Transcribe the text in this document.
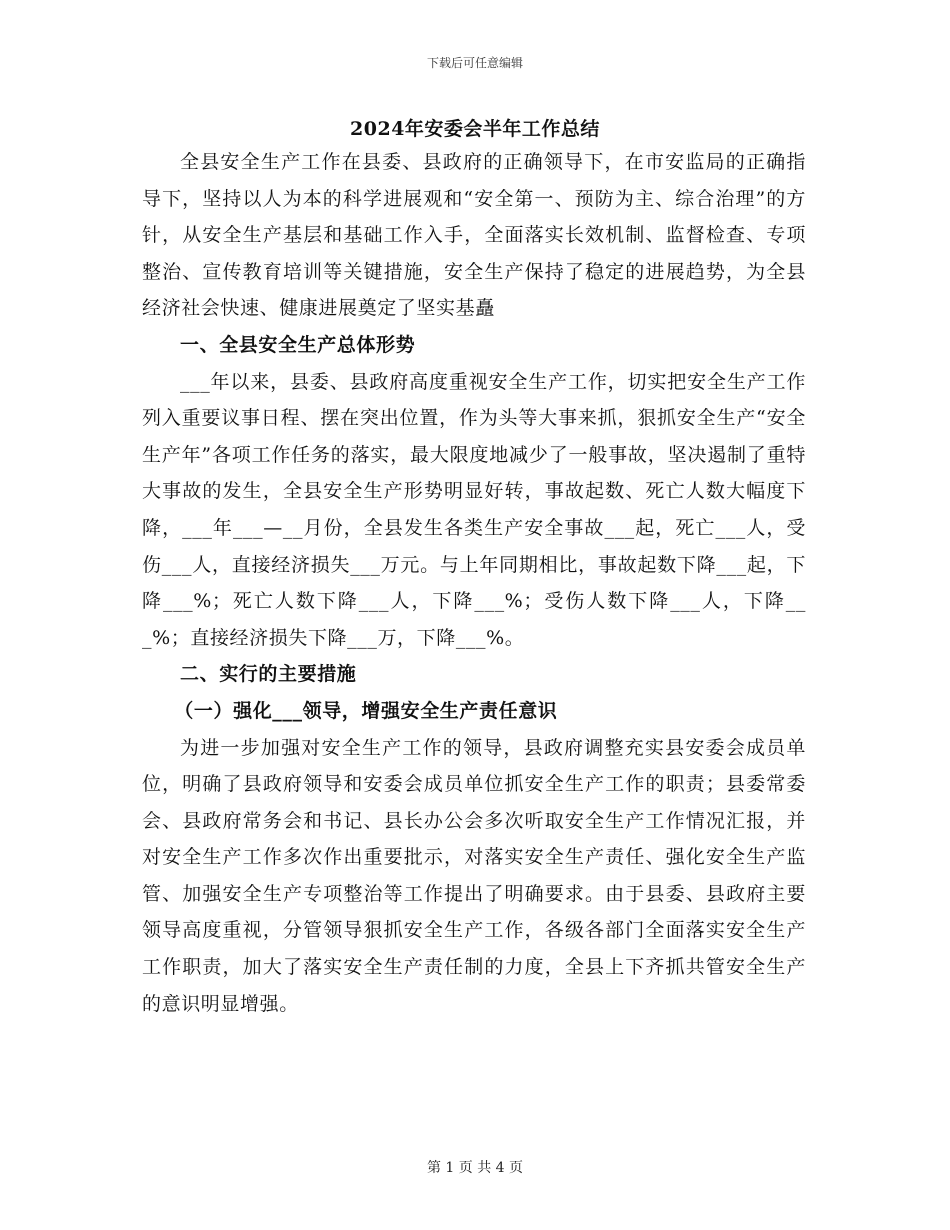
下载后可任意编辑
2024年安委会半年工作总结

全县安全生产工作在县委、县政府的正确领导下，在市安监局的正确指导下，坚持以人为本的科学进展观和“安全第一、预防为主、综合治理”的方针，从安全生产基层和基础工作入手，全面落实长效机制、监督检查、专项整治、宣传教育培训等关键措施，安全生产保持了稳定的进展趋势，为全县经济社会快速、健康进展奠定了坚实基矗

一、全县安全生产总体形势

___年以来，县委、县政府高度重视安全生产工作，切实把安全生产工作列入重要议事日程、摆在突出位置，作为头等大事来抓，狠抓安全生产“安全生产年”各项工作任务的落实，最大限度地减少了一般事故，坚决遏制了重特大事故的发生，全县安全生产形势明显好转，事故起数、死亡人数大幅度下降，___年___—__月份，全县发生各类生产安全事故___起，死亡___人，受伤___人，直接经济损失___万元。与上年同期相比，事故起数下降___起，下降___%；死亡人数下降___人，下降___%；受伤人数下降___人，下降___%；直接经济损失下降___万，下降___%。

二、实行的主要措施

（一）强化___领导，增强安全生产责任意识

为进一步加强对安全生产工作的领导，县政府调整充实县安委会成员单位，明确了县政府领导和安委会成员单位抓安全生产工作的职责；县委常委会、县政府常务会和书记、县长办公会多次听取安全生产工作情况汇报，并对安全生产工作多次作出重要批示，对落实安全生产责任、强化安全生产监管、加强安全生产专项整治等工作提出了明确要求。由于县委、县政府主要领导高度重视，分管领导狠抓安全生产工作，各级各部门全面落实安全生产工作职责，加大了落实安全生产责任制的力度，全县上下齐抓共管安全生产的意识明显增强。

第 1 页 共 4 页
